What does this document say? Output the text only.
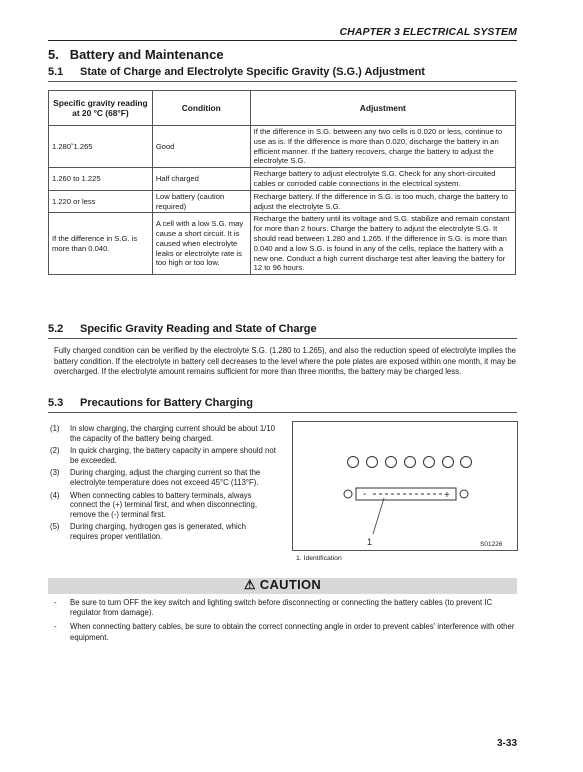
CHAPTER 3 ELECTRICAL SYSTEM
5. Battery and Maintenance
5.1 State of Charge and Electrolyte Specific Gravity (S.G.) Adjustment
Specific gravity reading at 20 °C (68°F)	Condition	Adjustment
1.280˜1.265	Good	If the difference in S.G. between any two cells is 0.020 or less, continue to use as is. If the difference is more than 0.020, discharge the battery in an efficient manner. If the battery recovers, charge the battery to adjust the electrolyte S.G.
1.260 to 1.225	Half charged	Recharge battery to adjust electrolyte S.G. Check for any short-circuited cables or corroded cable connections in the electrical system.
1.220 or less	Low battery (caution required)	Recharge battery. If the difference in S.G. is too much, charge the battery to adjust the electrolyte S.G.
If the difference in S.G. is more than 0.040.	A cell with a low S.G. may cause a short circuit. It is caused when electrolyte leaks or electrolyte rate is too high or too low.	Recharge the battery until its voltage and S.G. stabilize and remain constant for more than 2 hours. Charge the battery to adjust the electrolyte S.G. It should read between 1.280 and 1.265. If the difference in S.G. is more than 0.040 and a low S.G. is found in any of the cells, replace the battery with a new one. Conduct a high current discharge test after leaving the battery for 12 to 96 hours.
5.2 Specific Gravity Reading and State of Charge
Fully charged condition can be verified by the electrolyte S.G. (1.280 to 1.265), and also the reduction speed of electrolyte implies the battery condition. If the electrolyte in battery cell decreases to the level where the pole plates are exposed within one month, it may be overcharged. If the electrolyte amount remains sufficient for more than three months, the battery may be charged less.
5.3 Precautions for Battery Charging
(1) In slow charging, the charging current should be about 1/10 the capacity of the battery being charged.
(2) In quick charging, the battery capacity in ampere should not be exceeded.
(3) During charging, adjust the charging current so that the electrolyte temperature does not exceed 45°C (113°F).
(4) When connecting cables to battery terminals, always connect the (+) terminal first, and when disconnecting, remove the (-) terminal first.
(5) During charging, hydrogen gas is generated, which requires proper ventilation.
-	+
1	S01226
1. Identification
⚠ CAUTION
- Be sure to turn OFF the key switch and lighting switch before disconnecting or connecting the battery cables (to prevent IC regulator from damage).
- When connecting battery cables, be sure to obtain the correct connecting angle in order to prevent cables' interference with other equipment.
3-33
